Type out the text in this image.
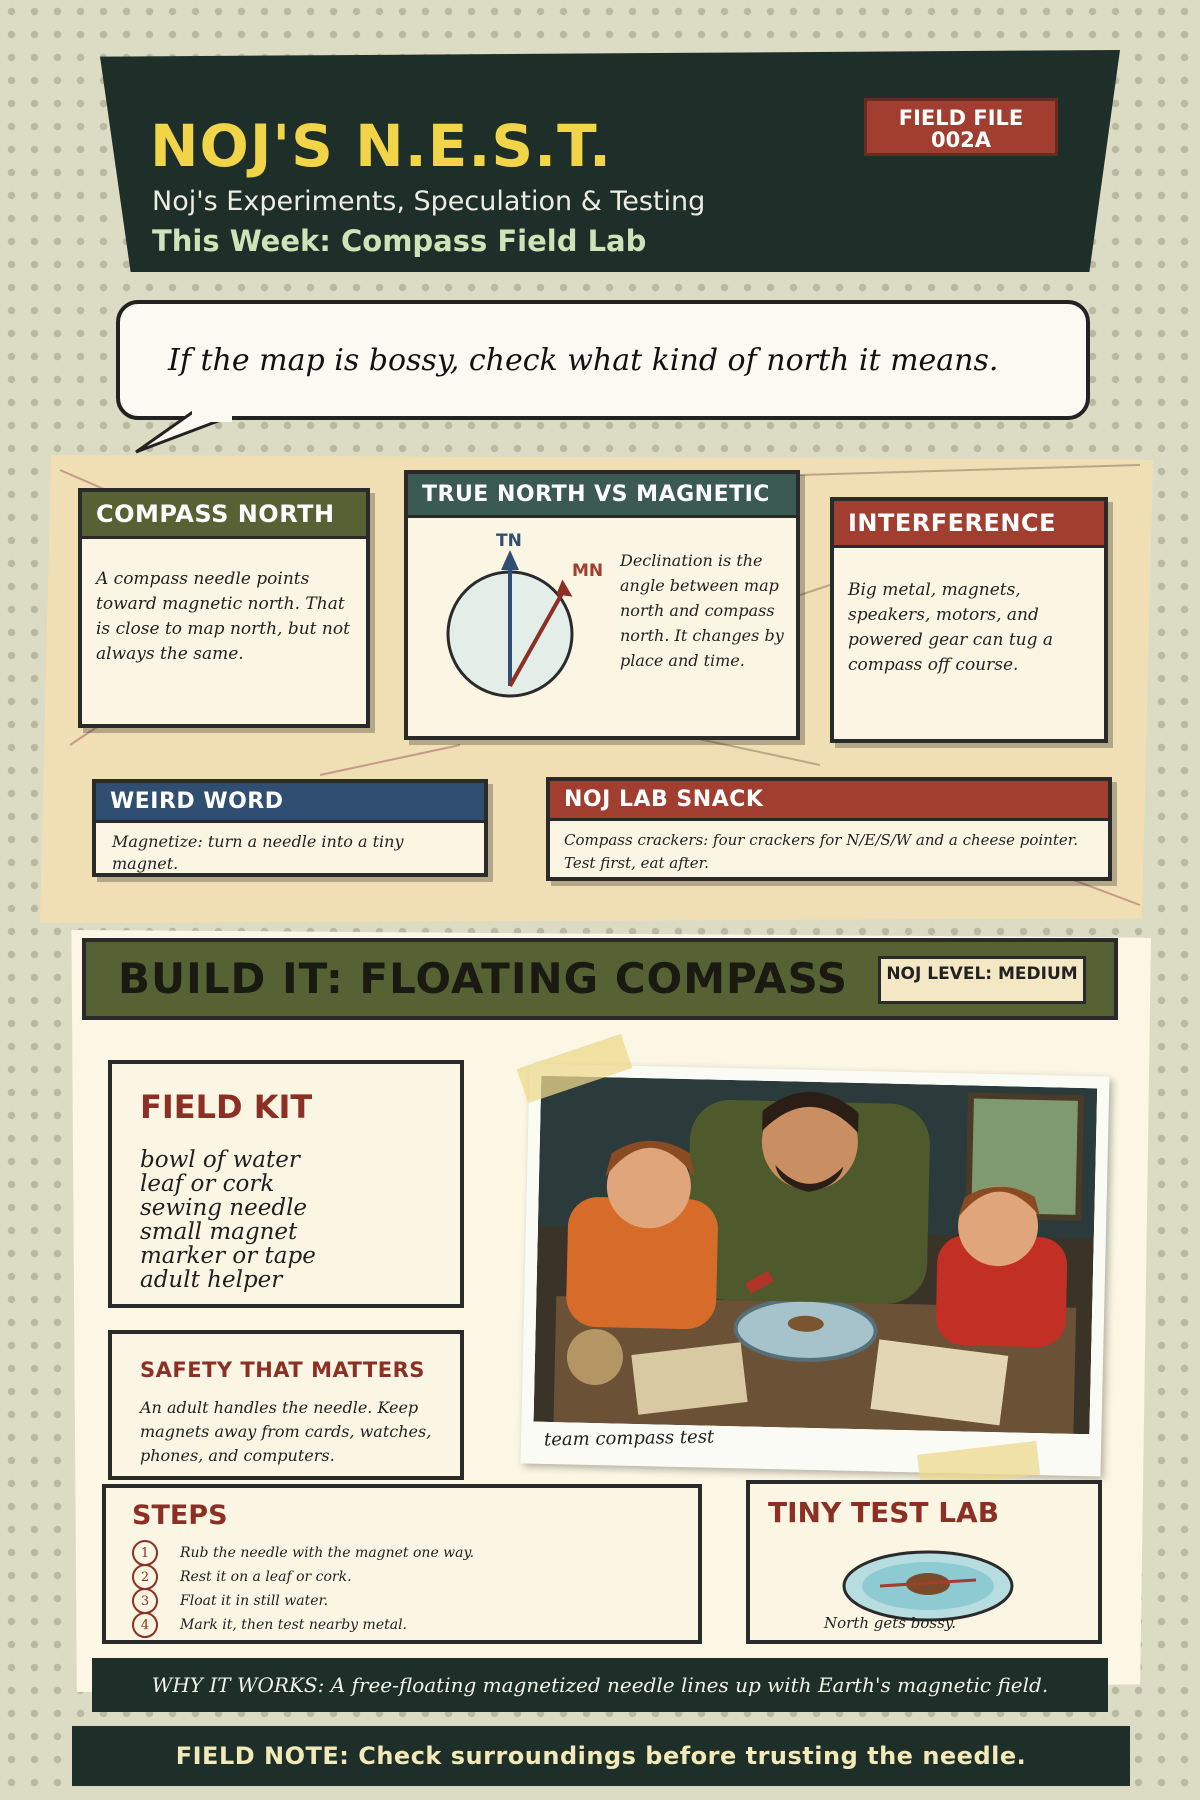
NOJ'S N.E.S.T.
Noj's Experiments, Speculation & Testing
This Week: Compass Field Lab
FIELD FILE 002A
If the map is bossy, check what kind of north it means.
COMPASS NORTH
A compass needle points toward magnetic north. That is close to map north, but not always the same.
TRUE NORTH VS MAGNETIC
TN
MN
Declination is the angle between map north and compass north. It changes by place and time.
INTERFERENCE
Big metal, magnets, speakers, motors, and powered gear can tug a compass off course.
WEIRD WORD
Magnetize: turn a needle into a tiny magnet.
NOJ LAB SNACK
Compass crackers: four crackers for N/E/S/W and a cheese pointer. Test first, eat after.
BUILD IT: FLOATING COMPASS	NOJ LEVEL: MEDIUM
FIELD KIT
bowl of water
leaf or cork
sewing needle
small magnet
marker or tape
adult helper
SAFETY THAT MATTERS
An adult handles the needle. Keep magnets away from cards, watches, phones, and computers.
team compass test
STEPS
1	Rub the needle with the magnet one way.
2	Rest it on a leaf or cork.
3	Float it in still water.
4	Mark it, then test nearby metal.
TINY TEST LAB
North gets bossy.
WHY IT WORKS: A free-floating magnetized needle lines up with Earth's magnetic field.
FIELD NOTE: Check surroundings before trusting the needle.
